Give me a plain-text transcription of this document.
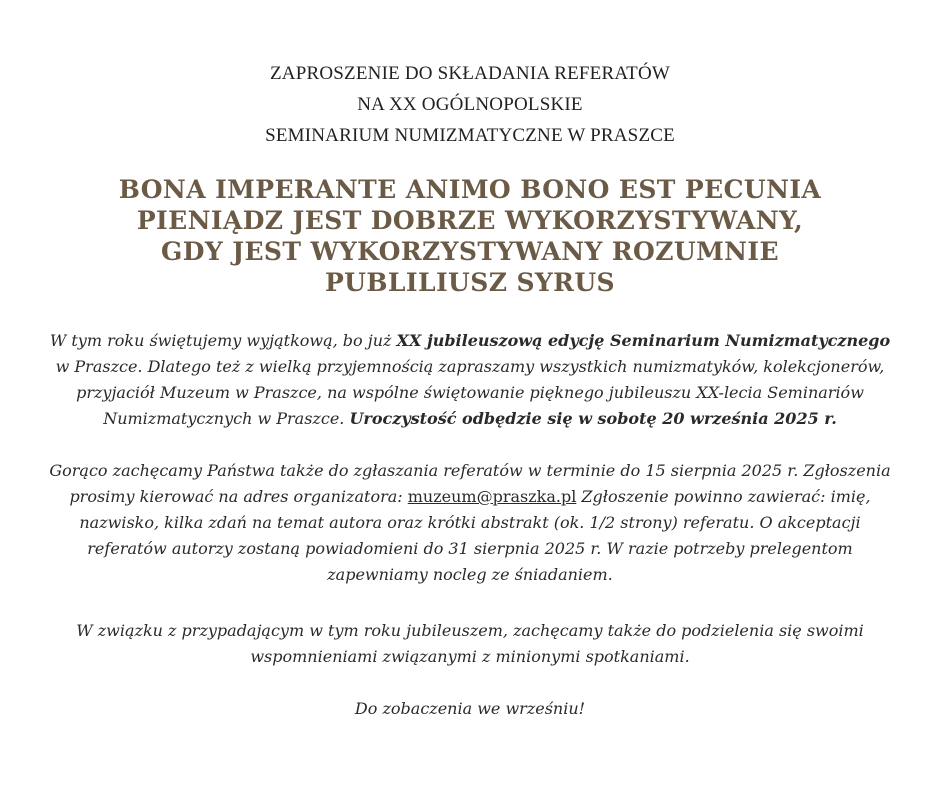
ZAPROSZENIE DO SKŁADANIA REFERATÓW
NA XX OGÓLNOPOLSKIE
SEMINARIUM NUMIZMATYCZNE W PRASZCE
BONA IMPERANTE ANIMO BONO EST PECUNIA
PIENIĄDZ JEST DOBRZE WYKORZYSTYWANY,
GDY JEST WYKORZYSTYWANY ROZUMNIE
PUBLILIUSZ SYRUS
W tym roku świętujemy wyjątkową, bo już XX jubileuszową edycję Seminarium Numizmatycznego
w Praszce. Dlatego też z wielką przyjemnością zapraszamy wszystkich numizmatyków, kolekcjonerów,
przyjaciół Muzeum w Praszce, na wspólne świętowanie pięknego jubileuszu XX-lecia Seminariów
Numizmatycznych w Praszce. Uroczystość odbędzie się w sobotę 20 września 2025 r.
Gorąco zachęcamy Państwa także do zgłaszania referatów w terminie do 15 sierpnia 2025 r. Zgłoszenia
prosimy kierować na adres organizatora: muzeum@praszka.pl Zgłoszenie powinno zawierać: imię,
nazwisko, kilka zdań na temat autora oraz krótki abstrakt (ok. 1/2 strony) referatu. O akceptacji
referatów autorzy zostaną powiadomieni do 31 sierpnia 2025 r. W razie potrzeby prelegentom
zapewniamy nocleg ze śniadaniem.
W związku z przypadającym w tym roku jubileuszem, zachęcamy także do podzielenia się swoimi
wspomnieniami związanymi z minionymi spotkaniami.
Do zobaczenia we wrześniu!
